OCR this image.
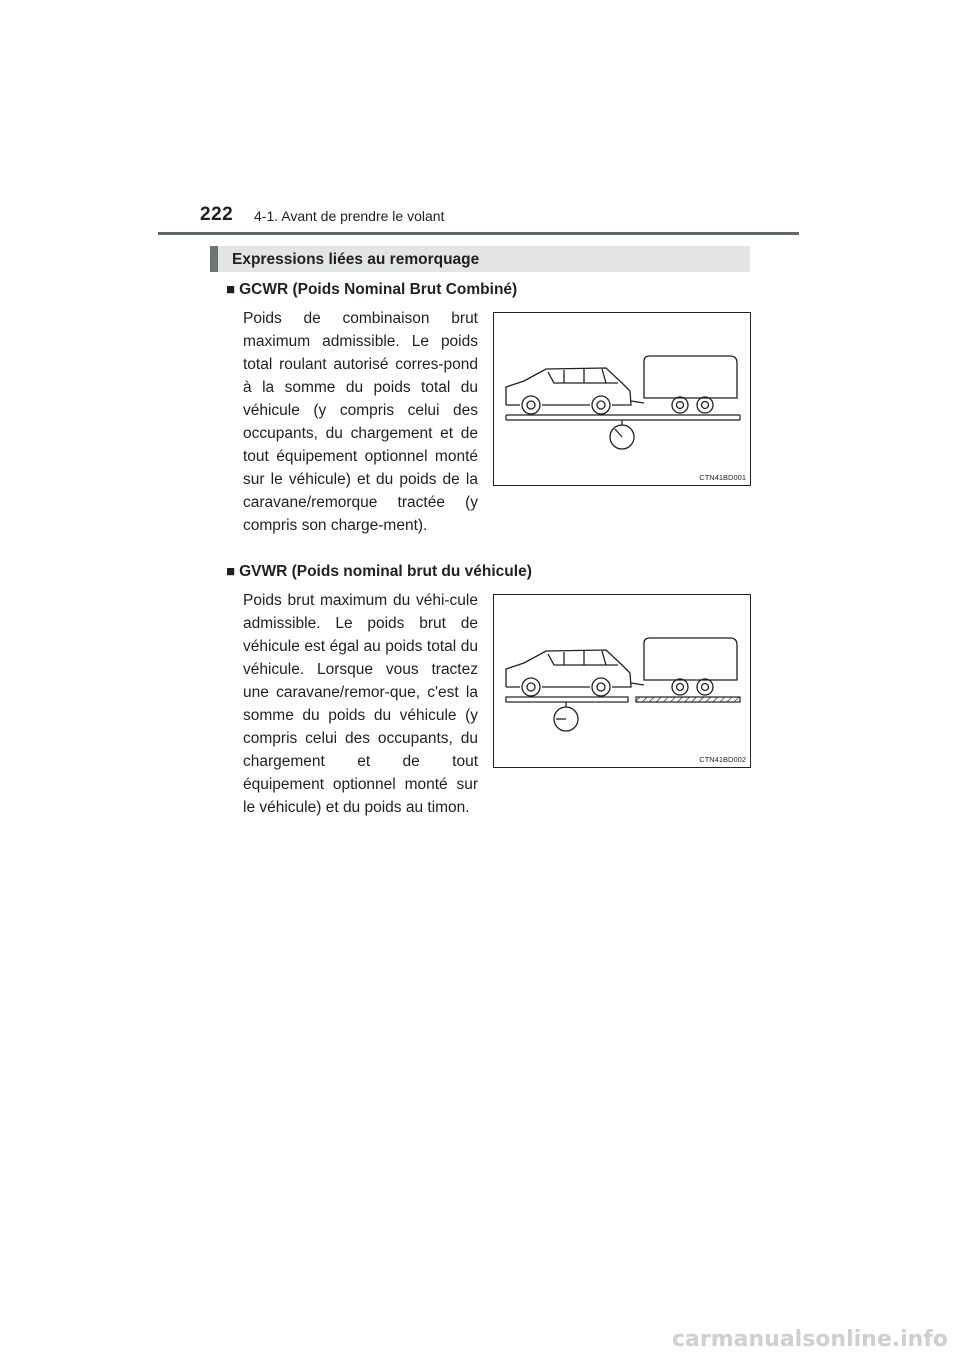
222 4-1. Avant de prendre le volant
Expressions liées au remorquage
■ GCWR (Poids Nominal Brut Combiné)
Poids de combinaison brut maximum admissible. Le poids total roulant autorisé corres-pond à la somme du poids total du véhicule (y compris celui des occupants, du chargement et de tout équipement optionnel monté sur le véhicule) et du poids de la caravane/remorque tractée (y compris son charge-ment).
CTN41BD001
■ GVWR (Poids nominal brut du véhicule)
Poids brut maximum du véhi-cule admissible. Le poids brut de véhicule est égal au poids total du véhicule. Lorsque vous tractez une caravane/remor-que, c'est la somme du poids du véhicule (y compris celui des occupants, du chargement et de tout équipement optionnel monté sur le véhicule) et du poids au timon.
CTN41BD002
carmanualsonline.info
